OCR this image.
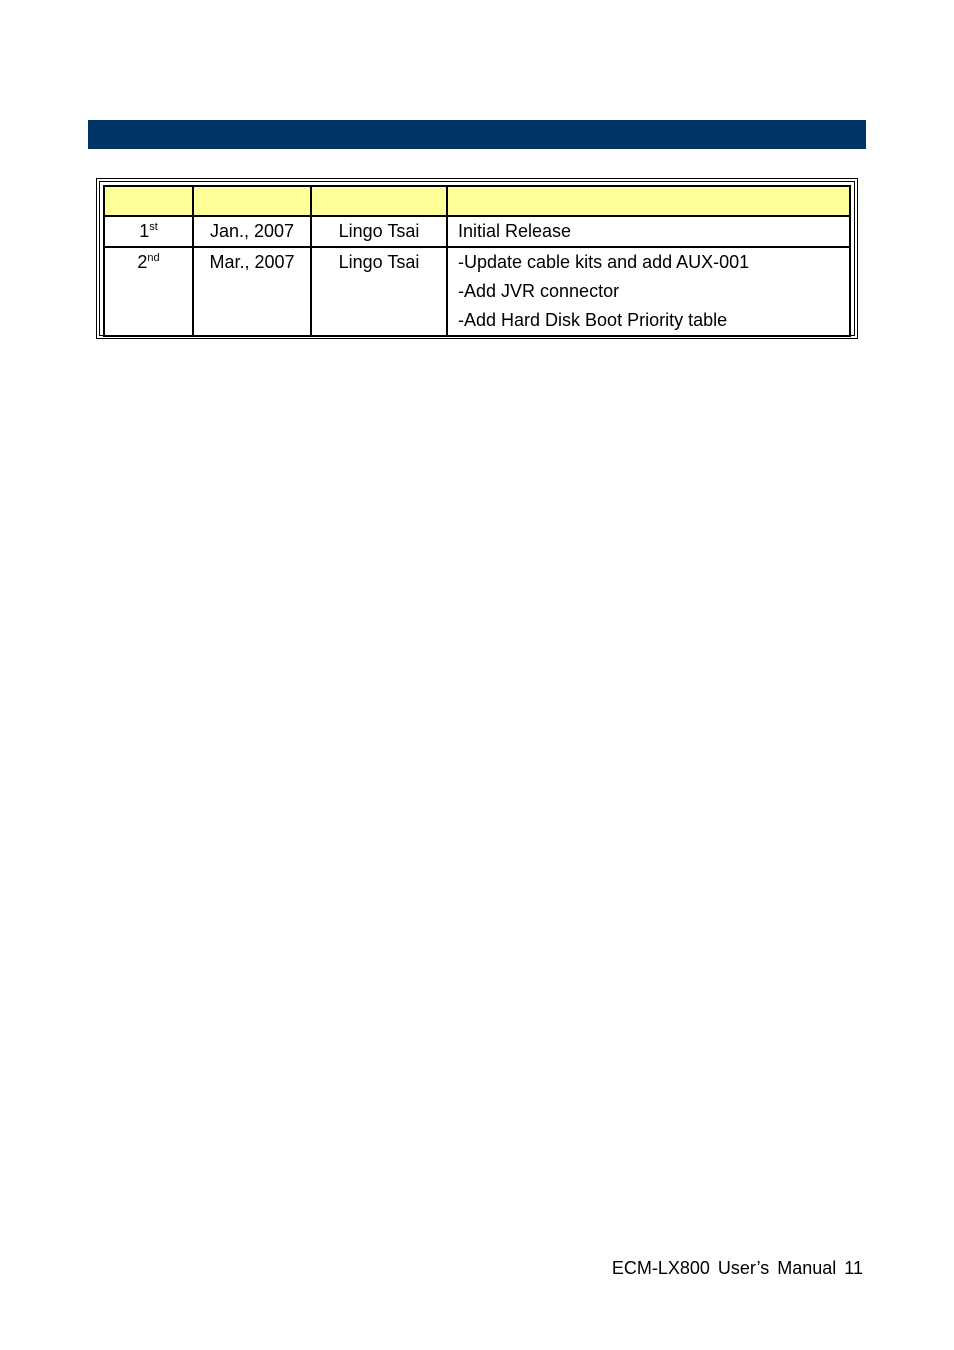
1st	Jan., 2007	Lingo Tsai	Initial Release

2nd	Mar., 2007	Lingo Tsai	-Update cable kits and add AUX-001
-Add JVR connector
-Add Hard Disk Boot Priority table
ECM-LX800 User’s Manual 11
